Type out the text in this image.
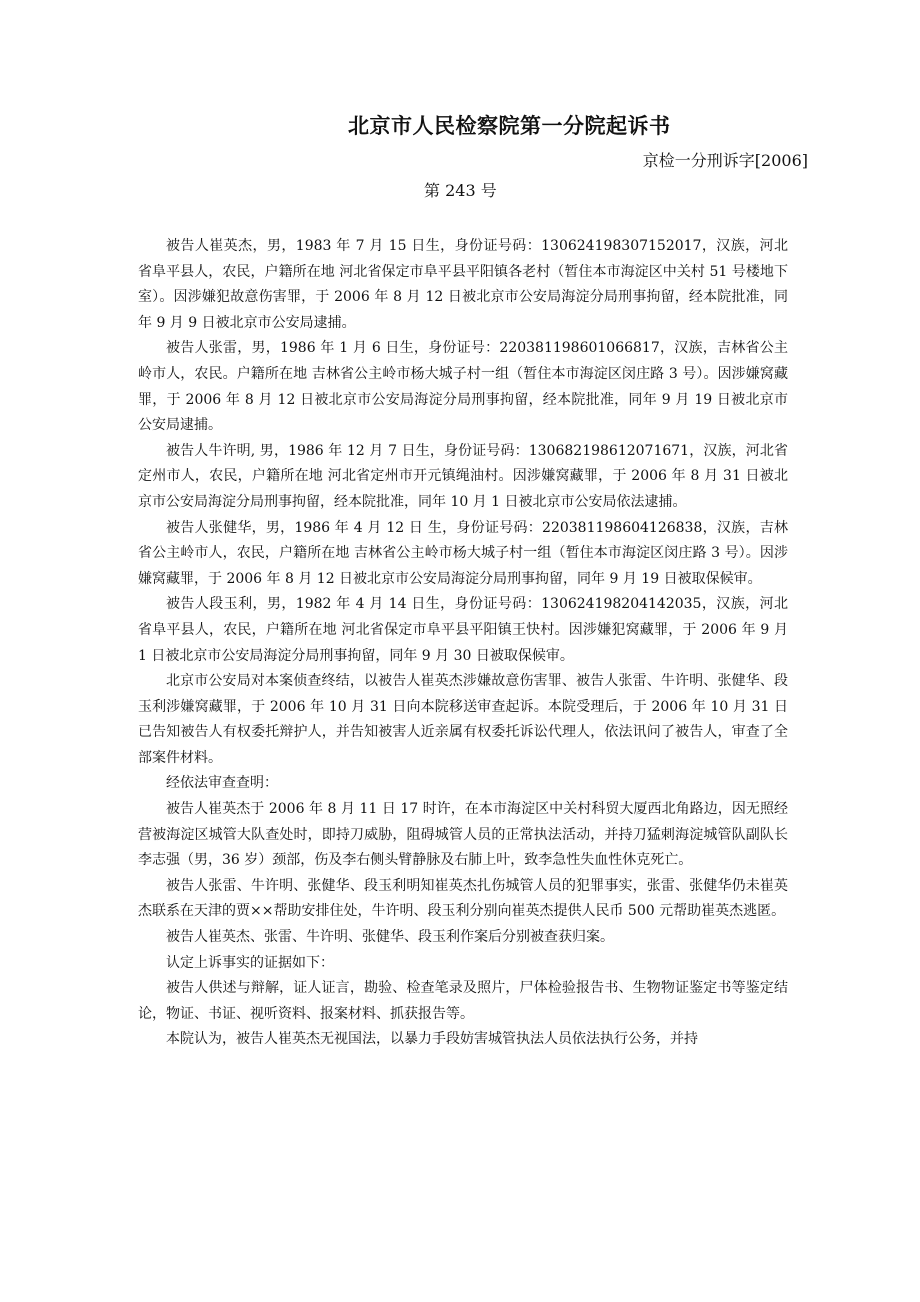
北京市人民检察院第一分院起诉书
京检一分刑诉字[2006]
第 243 号

被告人崔英杰，男，1983 年 7 月 15 日生，身份证号码：130624198307152017，汉族，河北省阜平县人，农民，户籍所在地 河北省保定市阜平县平阳镇各老村（暂住本市海淀区中关村 51 号楼地下室）。因涉嫌犯故意伤害罪，于 2006 年 8 月 12 日被北京市公安局海淀分局刑事拘留，经本院批准，同年 9 月 9 日被北京市公安局逮捕。

被告人张雷，男，1986 年 1 月 6 日生，身份证号：220381198601066817，汉族，吉林省公主岭市人，农民。户籍所在地 吉林省公主岭市杨大城子村一组（暂住本市海淀区闵庄路 3 号）。因涉嫌窝藏罪，于 2006 年 8 月 12 日被北京市公安局海淀分局刑事拘留，经本院批准，同年 9 月 19 日被北京市公安局逮捕。

被告人牛许明, 男，1986 年 12 月 7 日生，身份证号码：130682198612071671，汉族，河北省定州市人，农民，户籍所在地 河北省定州市开元镇绳油村。因涉嫌窝藏罪，于 2006 年 8 月 31 日被北京市公安局海淀分局刑事拘留，经本院批准，同年 10 月 1 日被北京市公安局依法逮捕。

被告人张健华，男，1986 年 4 月 12 日 生，身份证号码：220381198604126838，汉族，吉林省公主岭市人，农民，户籍所在地 吉林省公主岭市杨大城子村一组（暂住本市海淀区闵庄路 3 号）。因涉嫌窝藏罪，于 2006 年 8 月 12 日被北京市公安局海淀分局刑事拘留，同年 9 月 19 日被取保候审。

被告人段玉利，男，1982 年 4 月 14 日生，身份证号码：130624198204142035，汉族，河北省阜平县人，农民，户籍所在地 河北省保定市阜平县平阳镇王快村。因涉嫌犯窝藏罪，于 2006 年 9 月 1 日被北京市公安局海淀分局刑事拘留，同年 9 月 30 日被取保候审。

北京市公安局对本案侦查终结，以被告人崔英杰涉嫌故意伤害罪、被告人张雷、牛许明、张健华、段玉利涉嫌窝藏罪，于 2006 年 10 月 31 日向本院移送审查起诉。本院受理后，于 2006 年 10 月 31 日已告知被告人有权委托辩护人，并告知被害人近亲属有权委托诉讼代理人，依法讯问了被告人，审查了全部案件材料。

经依法审查查明：

被告人崔英杰于 2006 年 8 月 11 日 17 时许，在本市海淀区中关村科贸大厦西北角路边，因无照经营被海淀区城管大队查处时，即持刀威胁，阻碍城管人员的正常执法活动，并持刀猛刺海淀城管队副队长李志强（男，36 岁）颈部，伤及李右侧头臂静脉及右肺上叶，致李急性失血性休克死亡。

被告人张雷、牛许明、张健华、段玉利明知崔英杰扎伤城管人员的犯罪事实，张雷、张健华仍未崔英杰联系在天津的贾××帮助安排住处，牛许明、段玉利分别向崔英杰提供人民币 500 元帮助崔英杰逃匿。

被告人崔英杰、张雷、牛许明、张健华、段玉利作案后分别被查获归案。

认定上诉事实的证据如下：

被告人供述与辩解，证人证言，勘验、检查笔录及照片，尸体检验报告书、生物物证鉴定书等鉴定结论，物证、书证、视听资料、报案材料、抓获报告等。

本院认为，被告人崔英杰无视国法，以暴力手段妨害城管执法人员依法执行公务，并持
